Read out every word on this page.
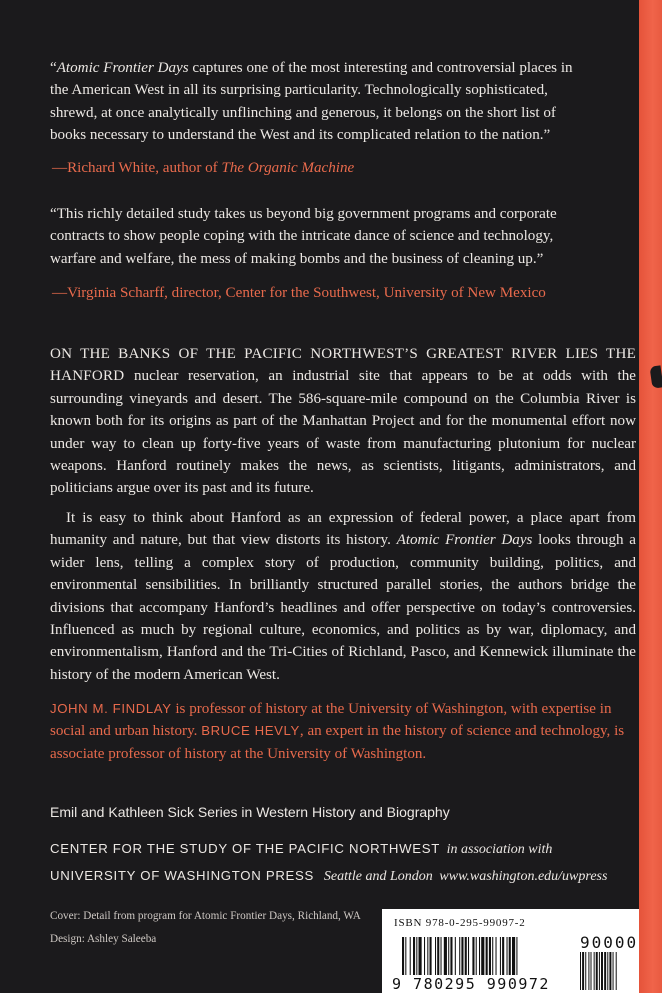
“Atomic Frontier Days captures one of the most interesting and controversial places in the American West in all its surprising particularity. Technologically sophisticated, shrewd, at once analytically unflinching and generous, it belongs on the short list of books necessary to understand the West and its complicated relation to the nation.”

—Richard White, author of The Organic Machine

“This richly detailed study takes us beyond big government programs and corporate contracts to show people coping with the intricate dance of science and technology, warfare and welfare, the mess of making bombs and the business of cleaning up.”

—Virginia Scharff, director, Center for the Southwest, University of New Mexico

ON THE BANKS OF THE PACIFIC NORTHWEST’S GREATEST RIVER LIES THE HANFORD nuclear reservation, an industrial site that appears to be at odds with the surrounding vineyards and desert. The 586-square-mile compound on the Columbia River is known both for its origins as part of the Manhattan Project and for the monumental effort now under way to clean up forty-five years of waste from manufacturing plutonium for nuclear weapons. Hanford routinely makes the news, as scientists, litigants, administrators, and politicians argue over its past and its future.

It is easy to think about Hanford as an expression of federal power, a place apart from humanity and nature, but that view distorts its history. Atomic Frontier Days looks through a wider lens, telling a complex story of production, community building, politics, and environmental sensibilities. In brilliantly structured parallel stories, the authors bridge the divisions that accompany Hanford’s headlines and offer perspective on today’s controversies. Influenced as much by regional culture, economics, and politics as by war, diplomacy, and environmentalism, Hanford and the Tri-Cities of Richland, Pasco, and Kennewick illuminate the history of the modern American West.

JOHN M. FINDLAY is professor of history at the University of Washington, with expertise in social and urban history. BRUCE HEVLY, an expert in the history of science and technology, is associate professor of history at the University of Washington.

Emil and Kathleen Sick Series in Western History and Biography

CENTER FOR THE STUDY OF THE PACIFIC NORTHWEST in association with

UNIVERSITY OF WASHINGTON PRESS Seattle and London www.washington.edu/uwpress

Cover: Detail from program for Atomic Frontier Days, Richland, WA

Design: Ashley Saleeba

ISBN 978-0-295-99097-2
9 780295 990972
90000
